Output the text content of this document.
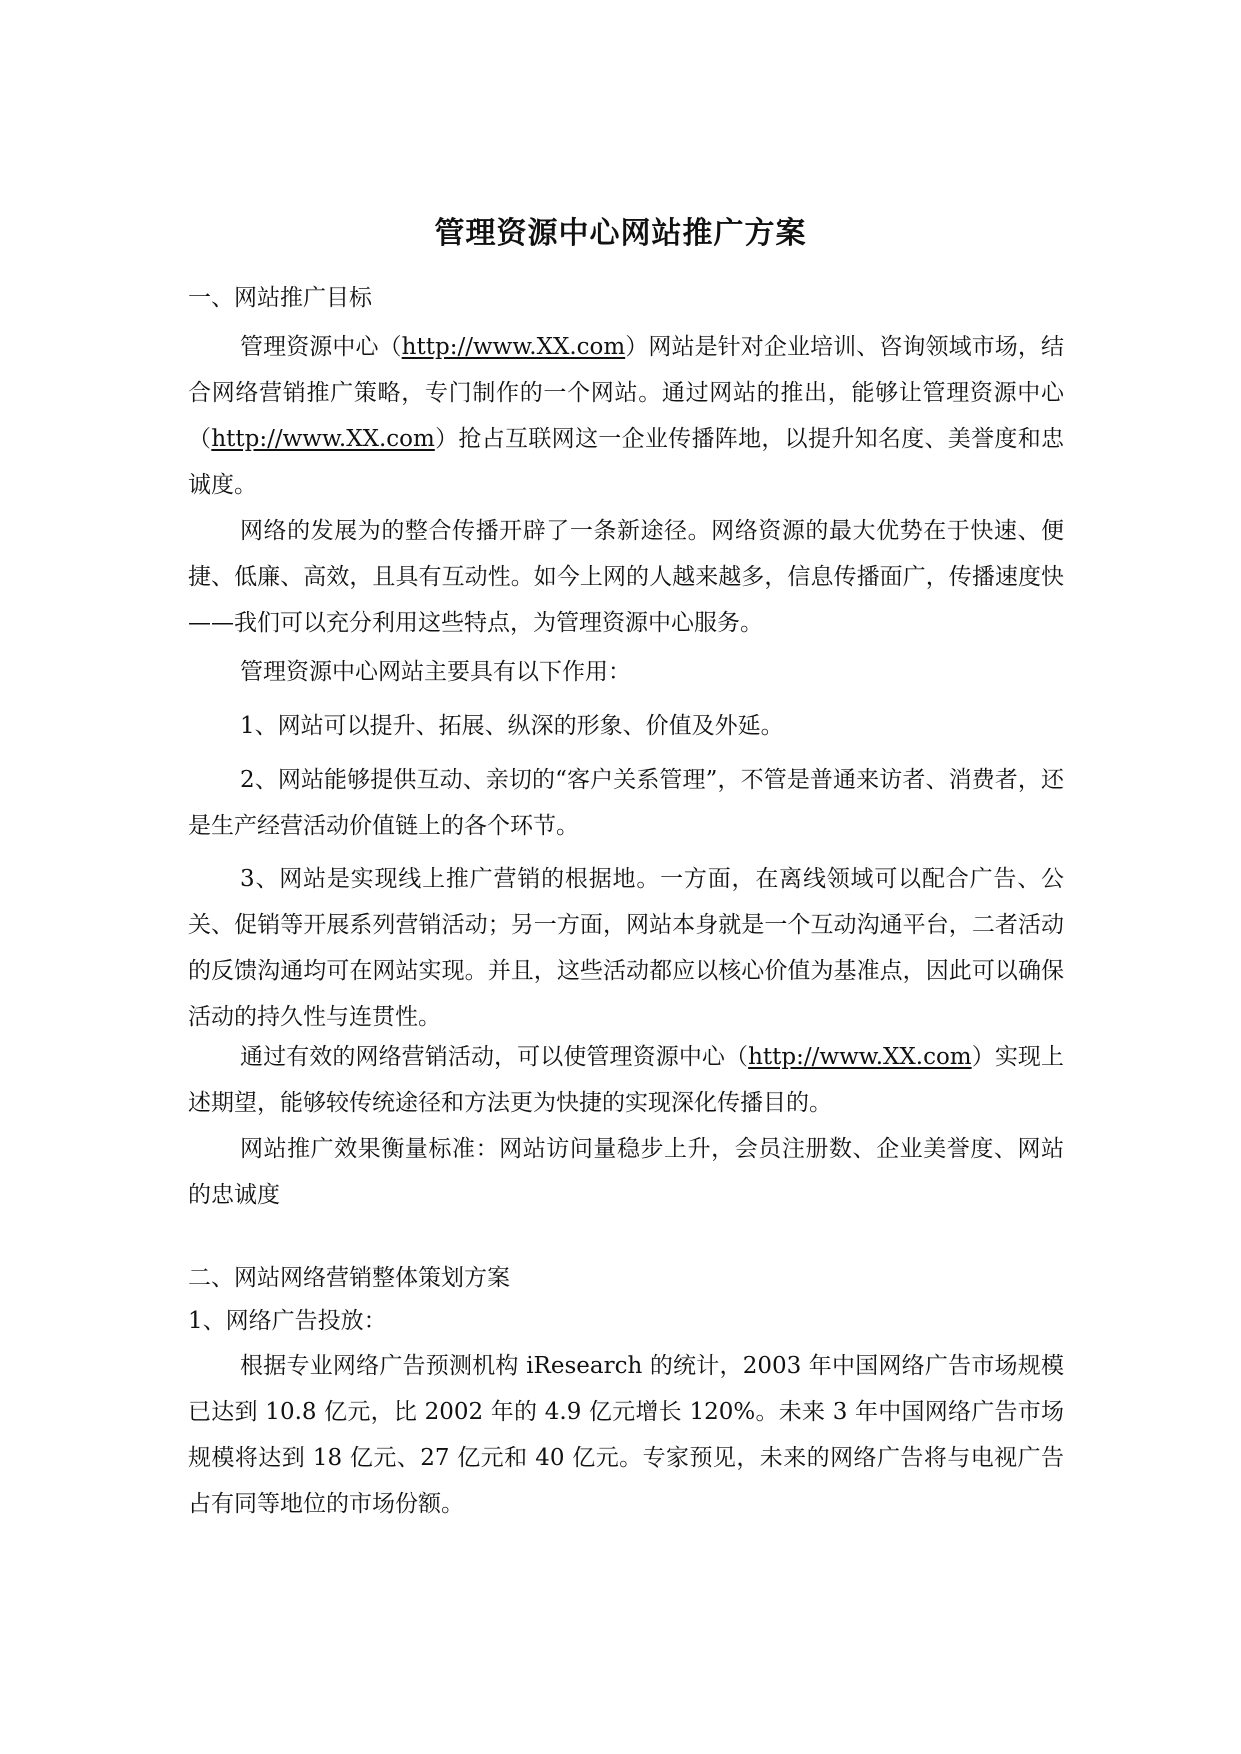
管理资源中心网站推广方案
一、网站推广目标
管理资源中心（http://www.XX.com）网站是针对企业培训、咨询领域市场，结合网络营销推广策略，专门制作的一个网站。通过网站的推出，能够让管理资源中心（http://www.XX.com）抢占互联网这一企业传播阵地，以提升知名度、美誉度和忠诚度。
网络的发展为的整合传播开辟了一条新途径。网络资源的最大优势在于快速、便捷、低廉、高效，且具有互动性。如今上网的人越来越多，信息传播面广，传播速度快——我们可以充分利用这些特点，为管理资源中心服务。
管理资源中心网站主要具有以下作用：
1、网站可以提升、拓展、纵深的形象、价值及外延。
2、网站能够提供互动、亲切的“客户关系管理”，不管是普通来访者、消费者，还是生产经营活动价值链上的各个环节。
3、网站是实现线上推广营销的根据地。一方面，在离线领域可以配合广告、公关、促销等开展系列营销活动；另一方面，网站本身就是一个互动沟通平台，二者活动的反馈沟通均可在网站实现。并且，这些活动都应以核心价值为基准点，因此可以确保活动的持久性与连贯性。
通过有效的网络营销活动，可以使管理资源中心（http://www.XX.com）实现上述期望，能够较传统途径和方法更为快捷的实现深化传播目的。
网站推广效果衡量标准：网站访问量稳步上升，会员注册数、企业美誉度、网站的忠诚度
二、网站网络营销整体策划方案
1、网络广告投放：
根据专业网络广告预测机构 iResearch 的统计，2003 年中国网络广告市场规模已达到 10.8 亿元，比 2002 年的 4.9 亿元增长 120%。未来 3 年中国网络广告市场规模将达到 18 亿元、27 亿元和 40 亿元。专家预见，未来的网络广告将与电视广告占有同等地位的市场份额。
